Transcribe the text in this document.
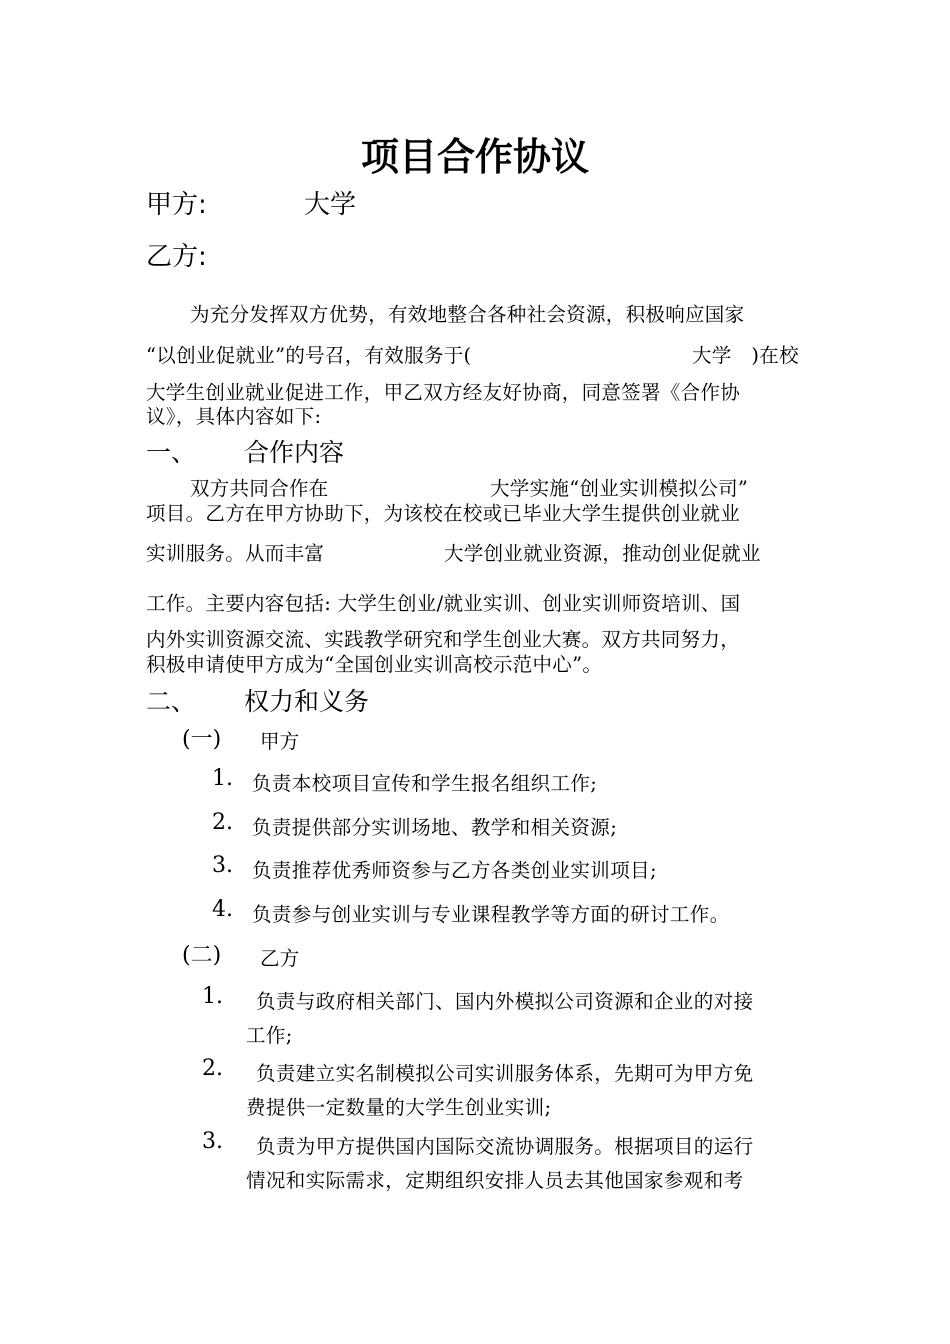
项目合作协议
甲方:	大学
乙方:
为充分发挥双方优势，有效地整合各种社会资源，积极响应国家
“以创业促就业”的号召，有效服务于(	大学　)在校
大学生创业就业促进工作，甲乙双方经友好协商，同意签署《合作协
议》，具体内容如下:
一、 合作内容
双方共同合作在	大学实施“创业实训模拟公司”
项目。乙方在甲方协助下，为该校在校或已毕业大学生提供创业就业
实训服务。从而丰富	大学创业就业资源，推动创业促就业
工作。主要内容包括: 大学生创业/就业实训、创业实训师资培训、国
内外实训资源交流、实践教学研究和学生创业大赛。双方共同努力，
积极申请使甲方成为“全国创业实训高校示范中心”。
二、 权力和义务
(一) 甲方
1. 负责本校项目宣传和学生报名组织工作;
2. 负责提供部分实训场地、教学和相关资源;
3. 负责推荐优秀师资参与乙方各类创业实训项目;
4. 负责参与创业实训与专业课程教学等方面的研讨工作。
(二) 乙方
1. 负责与政府相关部门、国内外模拟公司资源和企业的对接
工作;
2. 负责建立实名制模拟公司实训服务体系，先期可为甲方免
费提供一定数量的大学生创业实训;
3. 负责为甲方提供国内国际交流协调服务。根据项目的运行
情况和实际需求，定期组织安排人员去其他国家参观和考
